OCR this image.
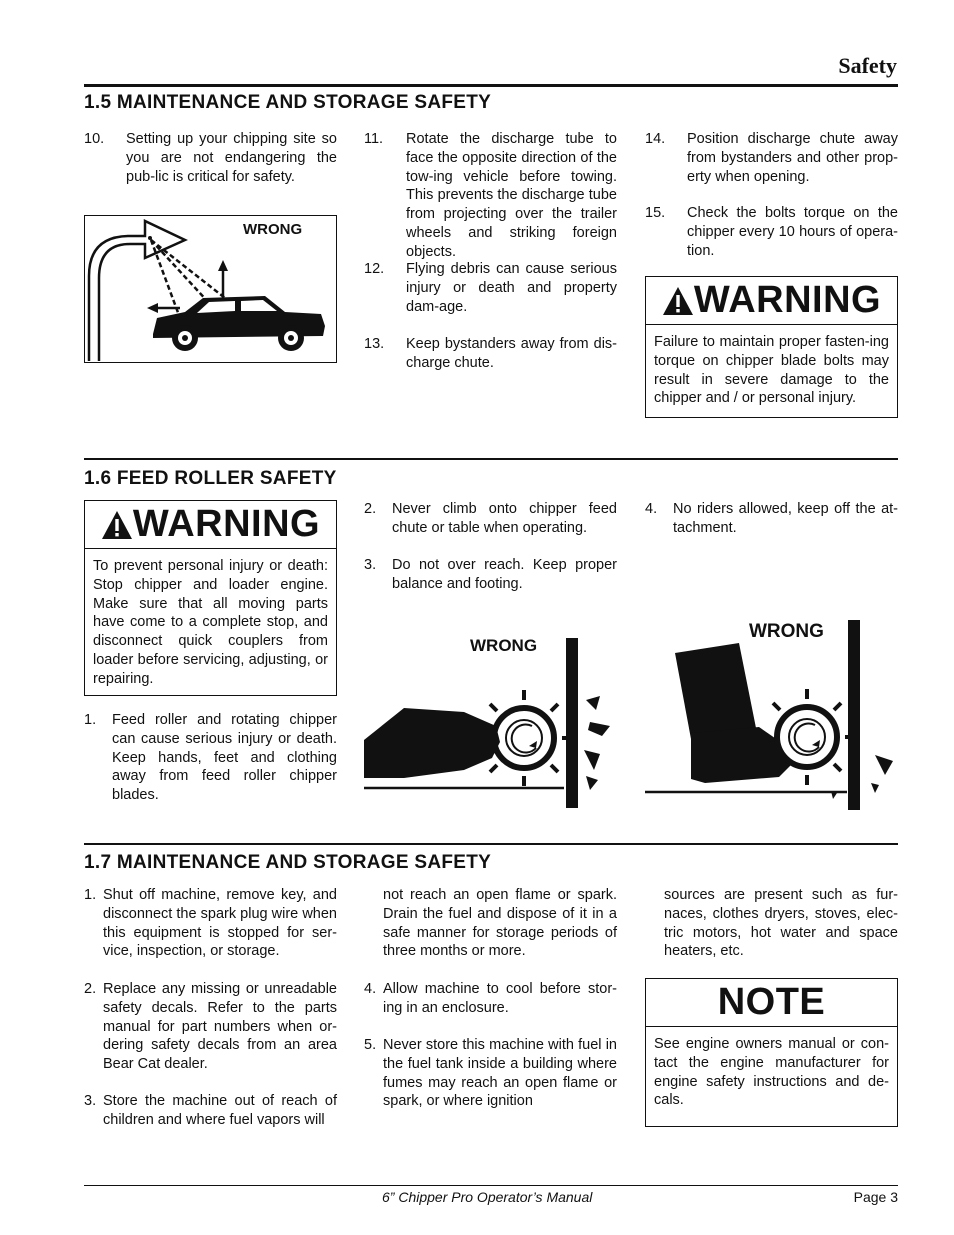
Safety
1.5 MAINTENANCE AND STORAGE SAFETY
10. Setting up your chipping site so you are not endangering the pub-lic is critical for safety.
WRONG
11. Rotate the discharge tube to face the opposite direction of the tow-ing vehicle before towing. This prevents the discharge tube from projecting over the trailer wheels and striking foreign objects.
12. Flying debris can cause serious injury or death and property dam-age.
13. Keep bystanders away from dis-charge chute.
14. Position discharge chute away from bystanders and other prop-erty when opening.
15. Check the bolts torque on the chipper every 10 hours of opera-tion.
WARNING
Failure to maintain proper fasten-ing torque on chipper blade bolts may result in severe damage to the chipper and / or personal injury.
1.6 FEED ROLLER SAFETY
WARNING
To prevent personal injury or death: Stop chipper and loader engine. Make sure that all moving parts have come to a complete stop, and disconnect quick couplers from loader before servicing, adjusting, or repairing.
1. Feed roller and rotating chipper can cause serious injury or death. Keep hands, feet and clothing away from feed roller chipper blades.
2. Never climb onto chipper feed chute or table when operating.
3. Do not over reach. Keep proper balance and footing.
4. No riders allowed, keep off the at-tachment.
WRONG
WRONG
1.7 MAINTENANCE AND STORAGE SAFETY
1. Shut off machine, remove key, and disconnect the spark plug wire when this equipment is stopped for ser-vice, inspection, or storage.
2. Replace any missing or unreadable safety decals. Refer to the parts manual for part numbers when or-dering safety decals from an area Bear Cat dealer.
3. Store the machine out of reach of children and where fuel vapors will
not reach an open flame or spark. Drain the fuel and dispose of it in a safe manner for storage periods of three months or more.
4. Allow machine to cool before stor-ing in an enclosure.
5. Never store this machine with fuel in the fuel tank inside a building where fumes may reach an open flame or spark, or where ignition
sources are present such as fur-naces, clothes dryers, stoves, elec-tric motors, hot water and space heaters, etc.
NOTE
See engine owners manual or con-tact the engine manufacturer for engine safety instructions and de-cals.
6” Chipper Pro Operator’s Manual	Page 3
